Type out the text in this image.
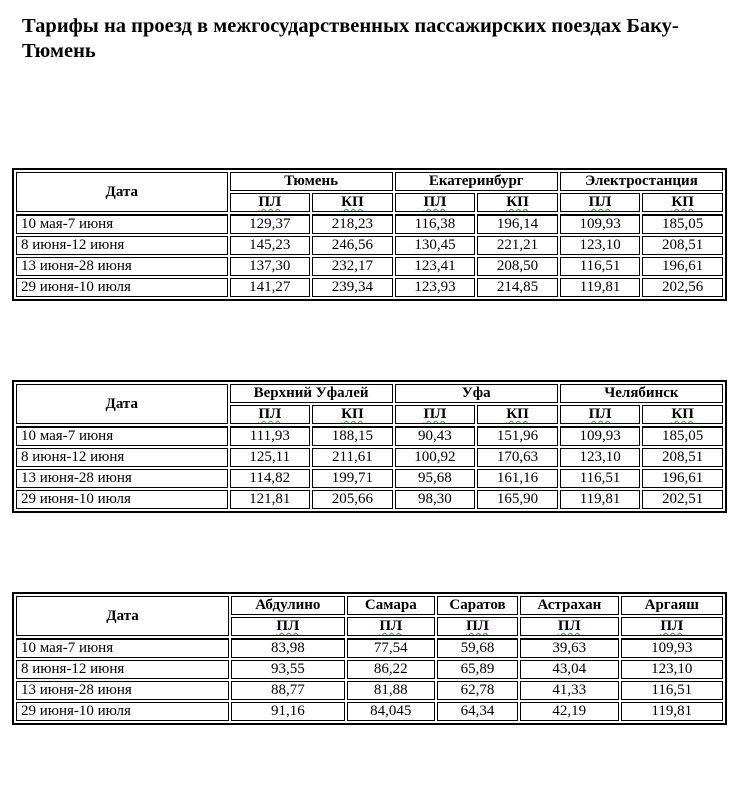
Тарифы на проезд в межгосударственных пассажирских поездах Баку-Тюмень
Дата	Тюмень		Екатеринбург		Электростанция	
	ПЛ	КП	ПЛ	КП	ПЛ	КП
10 мая-7 июня	129,37	218,23	116,38	196,14	109,93	185,05
8 июня-12 июня	145,23	246,56	130,45	221,21	123,10	208,51
13 июня-28 июня	137,30	232,17	123,41	208,50	116,51	196,61
29 июня-10 июля	141,27	239,34	123,93	214,85	119,81	202,56
Дата	Верхний Уфалей		Уфа		Челябинск	
	ПЛ	КП	ПЛ	КП	ПЛ	КП
10 мая-7 июня	111,93	188,15	90,43	151,96	109,93	185,05
8 июня-12 июня	125,11	211,61	100,92	170,63	123,10	208,51
13 июня-28 июня	114,82	199,71	95,68	161,16	116,51	196,61
29 июня-10 июля	121,81	205,66	98,30	165,90	119,81	202,51
Дата	Абдулино	Самара	Саратов	Астрахан	Аргаяш
	ПЛ	ПЛ	ПЛ	ПЛ	ПЛ
10 мая-7 июня	83,98	77,54	59,68	39,63	109,93
8 июня-12 июня	93,55	86,22	65,89	43,04	123,10
13 июня-28 июня	88,77	81,88	62,78	41,33	116,51
29 июня-10 июля	91,16	84,045	64,34	42,19	119,81
